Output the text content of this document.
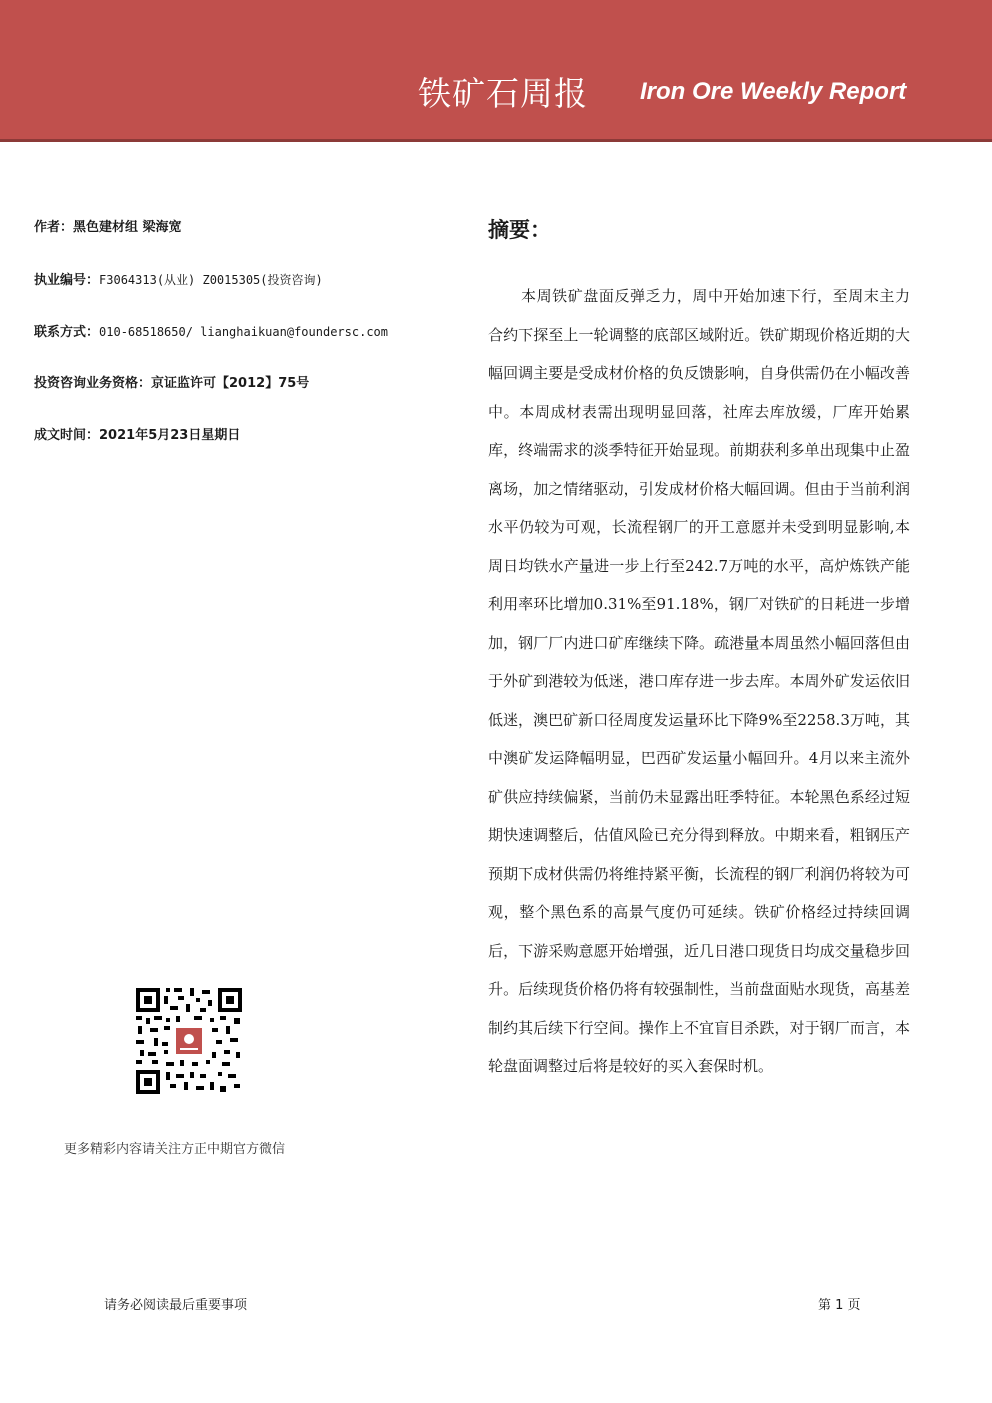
铁矿石周报 Iron Ore Weekly Report
作者：黑色建材组 梁海宽
执业编号：F3064313(从业) Z0015305(投资咨询)
联系方式：010-68518650/ lianghaikuan@foundersc.com
投资咨询业务资格：京证监许可【2012】75号
成文时间：2021年5月23日星期日
更多精彩内容请关注方正中期官方微信
摘要：

本周铁矿盘面反弹乏力，周中开始加速下行，至周末主力合约下探至上一轮调整的底部区域附近。铁矿期现价格近期的大幅回调主要是受成材价格的负反馈影响，自身供需仍在小幅改善中。本周成材表需出现明显回落，社库去库放缓，厂库开始累库，终端需求的淡季特征开始显现。前期获利多单出现集中止盈离场，加之情绪驱动，引发成材价格大幅回调。但由于当前利润水平仍较为可观，长流程钢厂的开工意愿并未受到明显影响,本周日均铁水产量进一步上行至242.7万吨的水平，高炉炼铁产能利用率环比增加0.31%至91.18%，钢厂对铁矿的日耗进一步增加，钢厂厂内进口矿库继续下降。疏港量本周虽然小幅回落但由于外矿到港较为低迷，港口库存进一步去库。本周外矿发运依旧低迷，澳巴矿新口径周度发运量环比下降9%至2258.3万吨，其中澳矿发运降幅明显，巴西矿发运量小幅回升。4月以来主流外矿供应持续偏紧，当前仍未显露出旺季特征。本轮黑色系经过短期快速调整后，估值风险已充分得到释放。中期来看，粗钢压产预期下成材供需仍将维持紧平衡，长流程的钢厂利润仍将较为可观，整个黑色系的高景气度仍可延续。铁矿价格经过持续回调后，下游采购意愿开始增强，近几日港口现货日均成交量稳步回升。后续现货价格仍将有较强制性，当前盘面贴水现货，高基差制约其后续下行空间。操作上不宜盲目杀跌，对于钢厂而言，本轮盘面调整过后将是较好的买入套保时机。

请务必阅读最后重要事项	第 1 页
